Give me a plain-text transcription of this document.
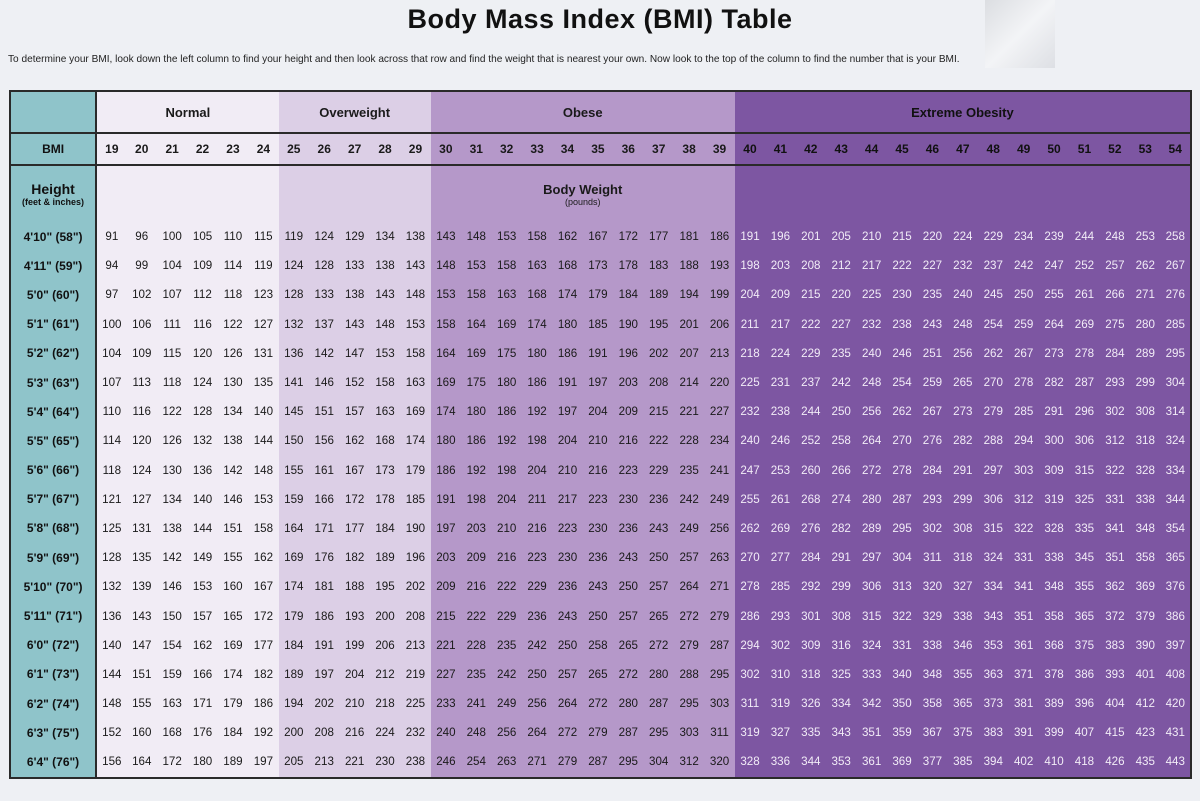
Body Mass Index (BMI) Table
To determine your BMI, look down the left column to find your height and then look across that row and find the weight that is nearest your own. Now look to the top of the column to find the number that is your BMI.
	Normal						Overweight					Obese										Extreme Obesity														
BMI	19	20	21	22	23	24	25	26	27	28	29	30	31	32	33	34	35	36	37	38	39	40	41	42	43	44	45	46	47	48	49	50	51	52	53	54

Height
(feet & inches)												Body Weight
(pounds)																								

4'10" (58")	91	96	100	105	110	115	119	124	129	134	138	143	148	153	158	162	167	172	177	181	186	191	196	201	205	210	215	220	224	229	234	239	244	248	253	258
4'11" (59")	94	99	104	109	114	119	124	128	133	138	143	148	153	158	163	168	173	178	183	188	193	198	203	208	212	217	222	227	232	237	242	247	252	257	262	267
5'0" (60")	97	102	107	112	118	123	128	133	138	143	148	153	158	163	168	174	179	184	189	194	199	204	209	215	220	225	230	235	240	245	250	255	261	266	271	276
5'1" (61")	100	106	111	116	122	127	132	137	143	148	153	158	164	169	174	180	185	190	195	201	206	211	217	222	227	232	238	243	248	254	259	264	269	275	280	285
5'2" (62")	104	109	115	120	126	131	136	142	147	153	158	164	169	175	180	186	191	196	202	207	213	218	224	229	235	240	246	251	256	262	267	273	278	284	289	295
5'3" (63")	107	113	118	124	130	135	141	146	152	158	163	169	175	180	186	191	197	203	208	214	220	225	231	237	242	248	254	259	265	270	278	282	287	293	299	304
5'4" (64")	110	116	122	128	134	140	145	151	157	163	169	174	180	186	192	197	204	209	215	221	227	232	238	244	250	256	262	267	273	279	285	291	296	302	308	314
5'5" (65")	114	120	126	132	138	144	150	156	162	168	174	180	186	192	198	204	210	216	222	228	234	240	246	252	258	264	270	276	282	288	294	300	306	312	318	324
5'6" (66")	118	124	130	136	142	148	155	161	167	173	179	186	192	198	204	210	216	223	229	235	241	247	253	260	266	272	278	284	291	297	303	309	315	322	328	334
5'7" (67")	121	127	134	140	146	153	159	166	172	178	185	191	198	204	211	217	223	230	236	242	249	255	261	268	274	280	287	293	299	306	312	319	325	331	338	344
5'8" (68")	125	131	138	144	151	158	164	171	177	184	190	197	203	210	216	223	230	236	243	249	256	262	269	276	282	289	295	302	308	315	322	328	335	341	348	354
5'9" (69")	128	135	142	149	155	162	169	176	182	189	196	203	209	216	223	230	236	243	250	257	263	270	277	284	291	297	304	311	318	324	331	338	345	351	358	365
5'10" (70")	132	139	146	153	160	167	174	181	188	195	202	209	216	222	229	236	243	250	257	264	271	278	285	292	299	306	313	320	327	334	341	348	355	362	369	376
5'11" (71")	136	143	150	157	165	172	179	186	193	200	208	215	222	229	236	243	250	257	265	272	279	286	293	301	308	315	322	329	338	343	351	358	365	372	379	386
6'0" (72")	140	147	154	162	169	177	184	191	199	206	213	221	228	235	242	250	258	265	272	279	287	294	302	309	316	324	331	338	346	353	361	368	375	383	390	397
6'1" (73")	144	151	159	166	174	182	189	197	204	212	219	227	235	242	250	257	265	272	280	288	295	302	310	318	325	333	340	348	355	363	371	378	386	393	401	408
6'2" (74")	148	155	163	171	179	186	194	202	210	218	225	233	241	249	256	264	272	280	287	295	303	311	319	326	334	342	350	358	365	373	381	389	396	404	412	420
6'3" (75")	152	160	168	176	184	192	200	208	216	224	232	240	248	256	264	272	279	287	295	303	311	319	327	335	343	351	359	367	375	383	391	399	407	415	423	431
6'4" (76")	156	164	172	180	189	197	205	213	221	230	238	246	254	263	271	279	287	295	304	312	320	328	336	344	353	361	369	377	385	394	402	410	418	426	435	443
